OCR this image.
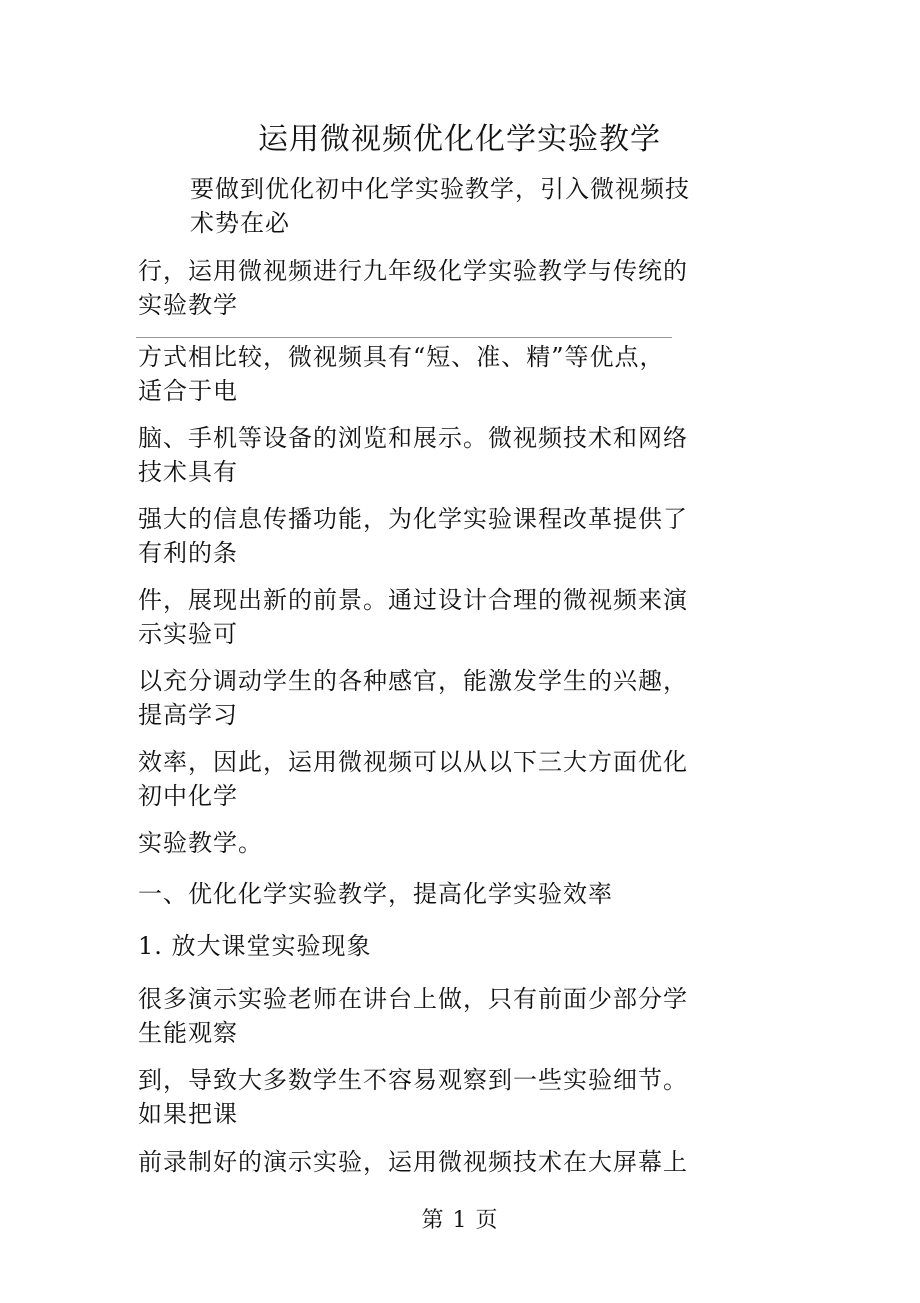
运用微视频优化化学实验教学
要做到优化初中化学实验教学，引入微视频技
术势在必
行，运用微视频进行九年级化学实验教学与传统的
实验教学
方式相比较，微视频具有“短、准、精”等优点，
适合于电
脑、手机等设备的浏览和展示。微视频技术和网络
技术具有
强大的信息传播功能，为化学实验课程改革提供了
有利的条
件，展现出新的前景。通过设计合理的微视频来演
示实验可
以充分调动学生的各种感官，能激发学生的兴趣，
提高学习
效率，因此，运用微视频可以从以下三大方面优化
初中化学
实验教学。
一、优化化学实验教学，提高化学实验效率
1. 放大课堂实验现象
很多演示实验老师在讲台上做，只有前面少部分学
生能观察
到，导致大多数学生不容易观察到一些实验细节。
如果把课
前录制好的演示实验，运用微视频技术在大屏幕上
第 1 页
